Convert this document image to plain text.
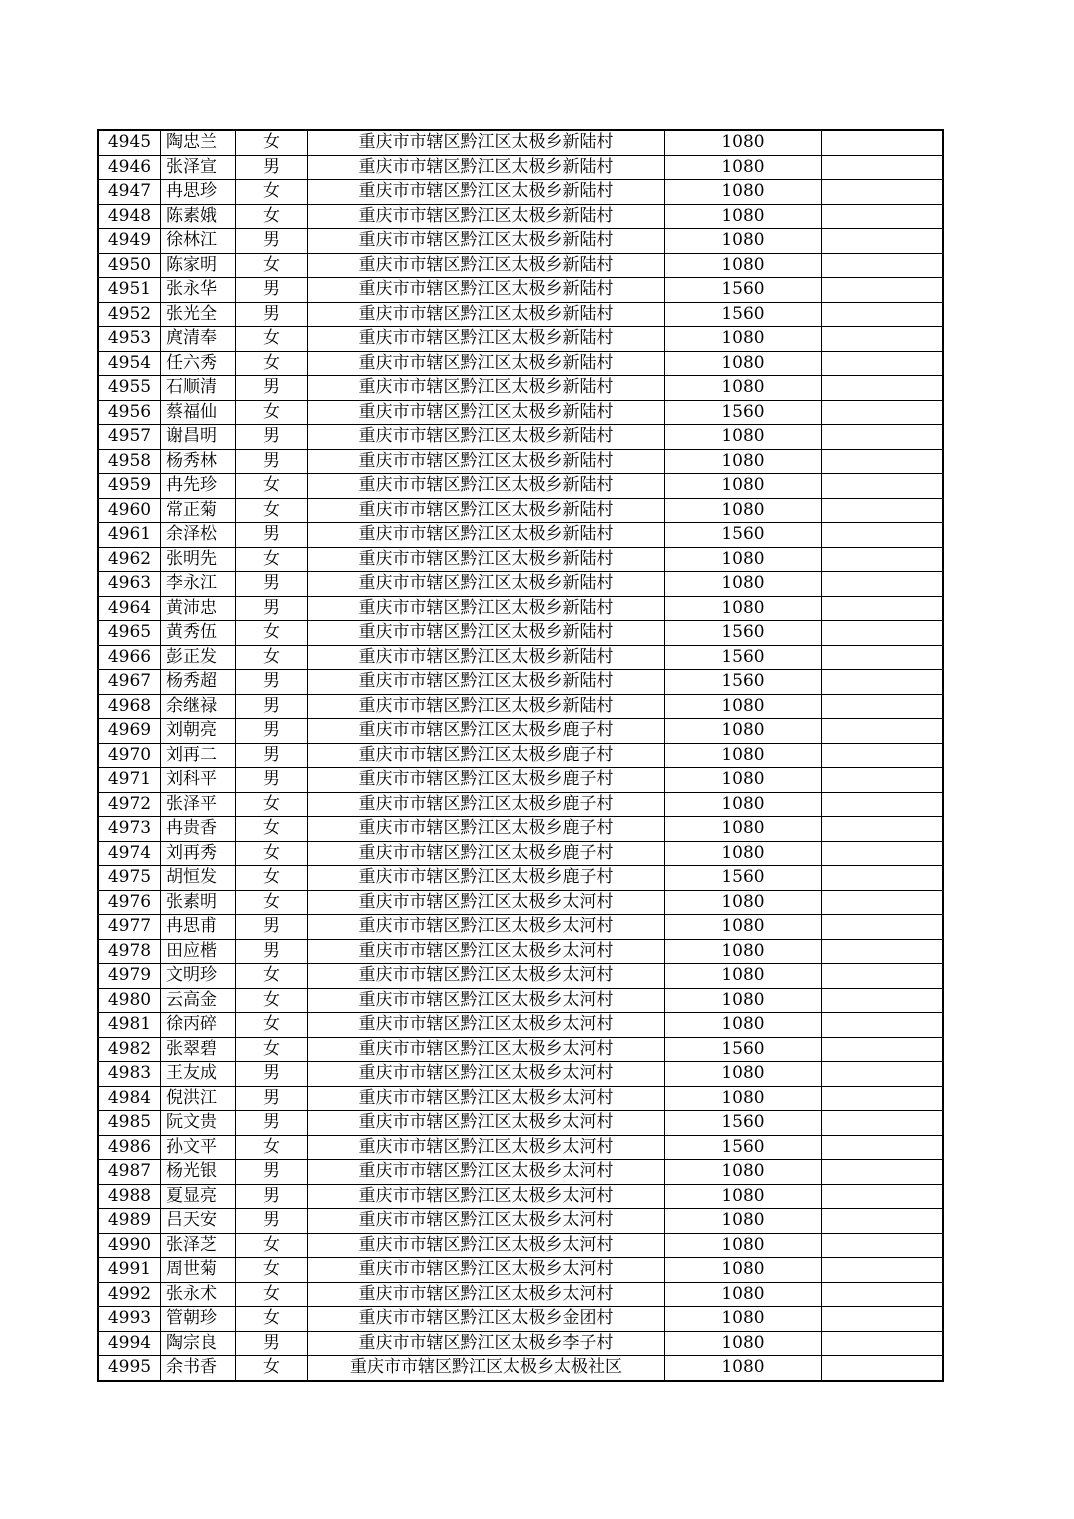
4945	陶忠兰	女	重庆市市辖区黔江区太极乡新陆村	1080	
4946	张泽宣	男	重庆市市辖区黔江区太极乡新陆村	1080	
4947	冉思珍	女	重庆市市辖区黔江区太极乡新陆村	1080	
4948	陈素娥	女	重庆市市辖区黔江区太极乡新陆村	1080	
4949	徐林江	男	重庆市市辖区黔江区太极乡新陆村	1080	
4950	陈家明	女	重庆市市辖区黔江区太极乡新陆村	1080	
4951	张永华	男	重庆市市辖区黔江区太极乡新陆村	1560	
4952	张光全	男	重庆市市辖区黔江区太极乡新陆村	1560	
4953	庹清奉	女	重庆市市辖区黔江区太极乡新陆村	1080	
4954	任六秀	女	重庆市市辖区黔江区太极乡新陆村	1080	
4955	石顺清	男	重庆市市辖区黔江区太极乡新陆村	1080	
4956	蔡福仙	女	重庆市市辖区黔江区太极乡新陆村	1560	
4957	谢昌明	男	重庆市市辖区黔江区太极乡新陆村	1080	
4958	杨秀林	男	重庆市市辖区黔江区太极乡新陆村	1080	
4959	冉先珍	女	重庆市市辖区黔江区太极乡新陆村	1080	
4960	常正菊	女	重庆市市辖区黔江区太极乡新陆村	1080	
4961	余泽松	男	重庆市市辖区黔江区太极乡新陆村	1560	
4962	张明先	女	重庆市市辖区黔江区太极乡新陆村	1080	
4963	李永江	男	重庆市市辖区黔江区太极乡新陆村	1080	
4964	黄沛忠	男	重庆市市辖区黔江区太极乡新陆村	1080	
4965	黄秀伍	女	重庆市市辖区黔江区太极乡新陆村	1560	
4966	彭正发	女	重庆市市辖区黔江区太极乡新陆村	1560	
4967	杨秀超	男	重庆市市辖区黔江区太极乡新陆村	1560	
4968	余继禄	男	重庆市市辖区黔江区太极乡新陆村	1080	
4969	刘朝亮	男	重庆市市辖区黔江区太极乡鹿子村	1080	
4970	刘再二	男	重庆市市辖区黔江区太极乡鹿子村	1080	
4971	刘科平	男	重庆市市辖区黔江区太极乡鹿子村	1080	
4972	张泽平	女	重庆市市辖区黔江区太极乡鹿子村	1080	
4973	冉贵香	女	重庆市市辖区黔江区太极乡鹿子村	1080	
4974	刘再秀	女	重庆市市辖区黔江区太极乡鹿子村	1080	
4975	胡恒发	女	重庆市市辖区黔江区太极乡鹿子村	1560	
4976	张素明	女	重庆市市辖区黔江区太极乡太河村	1080	
4977	冉思甫	男	重庆市市辖区黔江区太极乡太河村	1080	
4978	田应楷	男	重庆市市辖区黔江区太极乡太河村	1080	
4979	文明珍	女	重庆市市辖区黔江区太极乡太河村	1080	
4980	云高金	女	重庆市市辖区黔江区太极乡太河村	1080	
4981	徐丙碎	女	重庆市市辖区黔江区太极乡太河村	1080	
4982	张翠碧	女	重庆市市辖区黔江区太极乡太河村	1560	
4983	王友成	男	重庆市市辖区黔江区太极乡太河村	1080	
4984	倪洪江	男	重庆市市辖区黔江区太极乡太河村	1080	
4985	阮文贵	男	重庆市市辖区黔江区太极乡太河村	1560	
4986	孙文平	女	重庆市市辖区黔江区太极乡太河村	1560	
4987	杨光银	男	重庆市市辖区黔江区太极乡太河村	1080	
4988	夏显亮	男	重庆市市辖区黔江区太极乡太河村	1080	
4989	吕天安	男	重庆市市辖区黔江区太极乡太河村	1080	
4990	张泽芝	女	重庆市市辖区黔江区太极乡太河村	1080	
4991	周世菊	女	重庆市市辖区黔江区太极乡太河村	1080	
4992	张永术	女	重庆市市辖区黔江区太极乡太河村	1080	
4993	管朝珍	女	重庆市市辖区黔江区太极乡金团村	1080	
4994	陶宗良	男	重庆市市辖区黔江区太极乡李子村	1080	
4995	余书香	女	重庆市市辖区黔江区太极乡太极社区	1080	
